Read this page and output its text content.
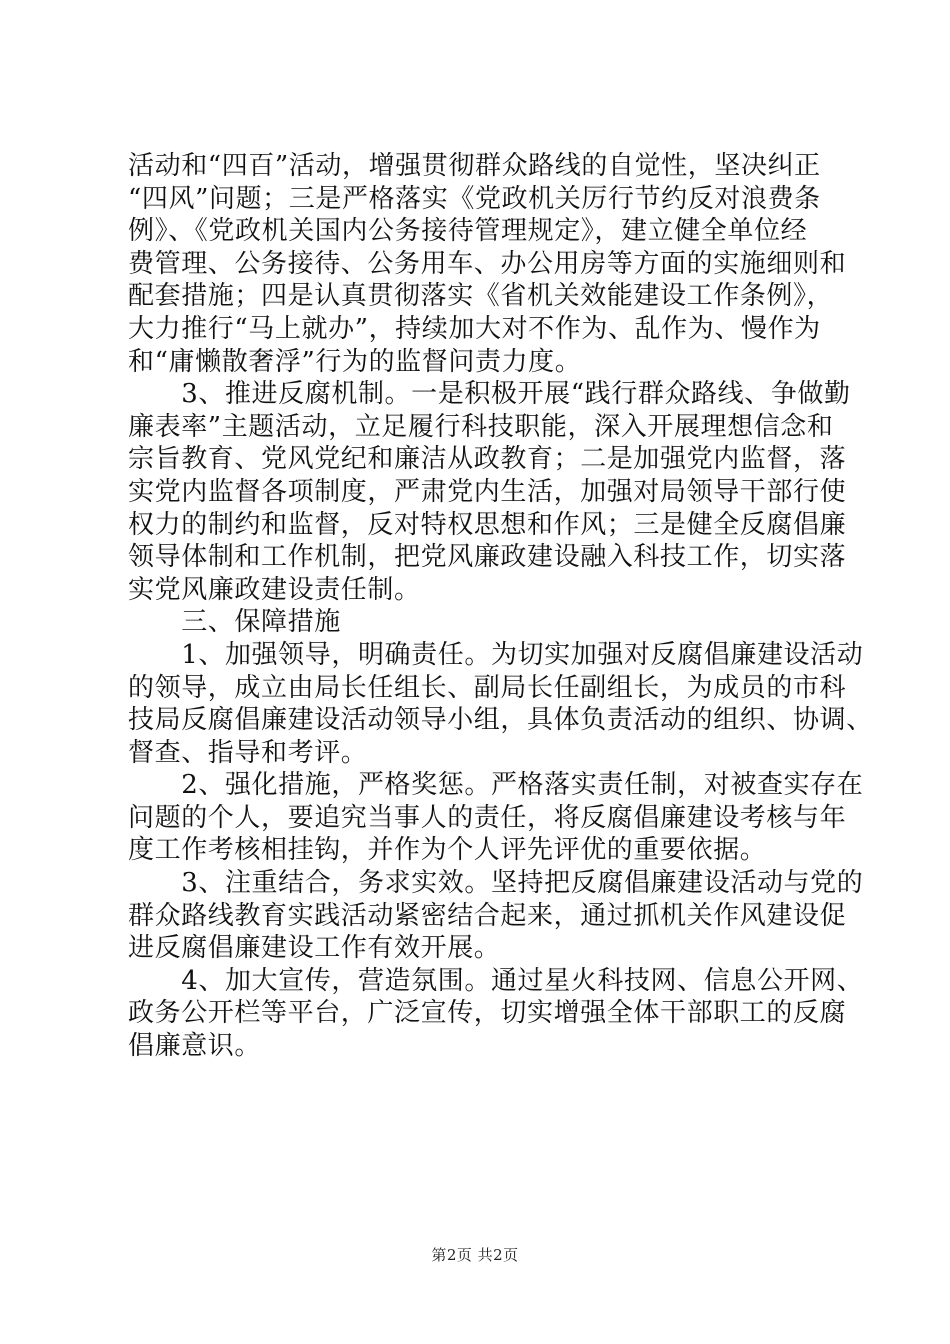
活动和“四百”活动，增强贯彻群众路线的自觉性，坚决纠正
“四风”问题；三是严格落实《党政机关厉行节约反对浪费条
例》、《党政机关国内公务接待管理规定》，建立健全单位经
费管理、公务接待、公务用车、办公用房等方面的实施细则和
配套措施；四是认真贯彻落实《省机关效能建设工作条例》，
大力推行“马上就办”，持续加大对不作为、乱作为、慢作为
和“庸懒散奢浮”行为的监督问责力度。
　　3、推进反腐机制。一是积极开展“践行群众路线、争做勤
廉表率”主题活动，立足履行科技职能，深入开展理想信念和
宗旨教育、党风党纪和廉洁从政教育；二是加强党内监督，落
实党内监督各项制度，严肃党内生活，加强对局领导干部行使
权力的制约和监督，反对特权思想和作风；三是健全反腐倡廉
领导体制和工作机制，把党风廉政建设融入科技工作，切实落
实党风廉政建设责任制。
　　三、保障措施
　　1、加强领导，明确责任。为切实加强对反腐倡廉建设活动
的领导，成立由局长任组长、副局长任副组长，为成员的市科
技局反腐倡廉建设活动领导小组，具体负责活动的组织、协调、
督查、指导和考评。
　　2、强化措施，严格奖惩。严格落实责任制，对被查实存在
问题的个人，要追究当事人的责任，将反腐倡廉建设考核与年
度工作考核相挂钩，并作为个人评先评优的重要依据。
　　3、注重结合，务求实效。坚持把反腐倡廉建设活动与党的
群众路线教育实践活动紧密结合起来，通过抓机关作风建设促
进反腐倡廉建设工作有效开展。
　　4、加大宣传，营造氛围。通过星火科技网、信息公开网、
政务公开栏等平台，广泛宣传，切实增强全体干部职工的反腐
倡廉意识。
第2页 共2页
